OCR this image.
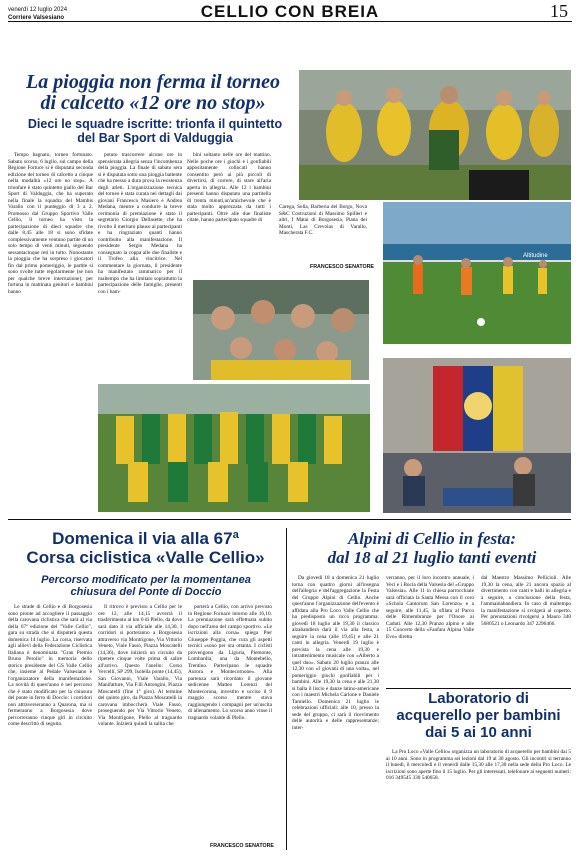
venerdì 12 luglio 2024
Corriere Valsesiano	CELLIO CON BREIA	15
La pioggia non ferma il torneo
di calcetto «12 ore no stop»
Dieci le squadre iscritte: trionfa il quintetto
del Bar Sport di Valduggia

Tempo bagnato, torneo fortunato. Sabato scorso, 6 luglio, sul campo della Regione Fortuce si è disputata seconda edizione del torneo di calcetto a cinque nella modalità «12 ore no stop». A trionfare è stato quintetto giallo del Bar Sport di Valduggia, che ha superato nella finale la squadra del Mambis Varallo con il punteggio di 3 a 2. Promosso dal Gruppo Sportivo Valle Cellio, il torneo ha visto la partecipazione di dieci squadre che dalle 8,45 alle 18 si sono sfidate complessivamente ventuno partite di un solo tempo di venti minuti, seguendo sessantacinque reti in tutto. Nonostante la pioggia che ha sorpreso i giocatori fin dal primo pomeriggio, le partite si sono svolte tutte regolarmente (se non per qualche breve interruzione); per fortuna in mattinata genitori e bambini hanno

potuto trascorrere alcune ore in spensierata allegria senza l'incombenza della pioggia. La finale di sabato sera si è disputata sotto una pioggia battente che ha messo a dura prova la resistenza degli atleti. L'organizzazione tecnica del torneo è stata curata nei dettagli dai giovani Francesco Masiero e Andrea Medana, mentre a condurre la breve cerimonia di premiazione è stato il segretario Giorgio Dellasette, che ha rivolto il meritato plauso ai partecipanti e ha ringraziato quanti hanno contribuito alla manifestazione. Il presidente Sergio Medana ha consegnato la coppa alle due finaliste e il Trofeo alla vincitrice. Nel commentare la giornata, il presidente ha manifestato rammarico per il maltempo che ha limitato soprattutto la partecipazione delle famiglie, presenti con i bam-

bini soltanto nelle ore del mattino. Nelle poche ore i giochi e i gonfiabili appositamente collocati hanno consentito però ai più piccoli di divertirsi, di correre, di stare all'aria aperta in allegria. Alle 12 i bambini presenti hanno disputato una partitella di trenta minuti,un'amichevole che è stata molto apprezzata da tutti i partecipanti. Oltre alle due finaliste citate, hanno partecipato squadre di

Carega, Sella, Barberia del Borgo, Nova S&C Costruzioni di Massimo Spilleri e altri, I Matai di Borgosesia, Piana dei Monti, Las Crevolas di Varallo, Mascherata F.C.

FRANCESCO SENATORE
Altitudine
Domenica il via alla 67ª
Corsa ciclistica «Valle Cellio»
Percorso modificato per la momentanea
chiusura del Ponte di Doccio

Le strade di Cellio e di Borgosesia sono pronte ad accogliere il passaggio della carovana ciclistica che sarà al via della 67ª edizione del "Valle Cellio", gara su strada che si disputerà questa domenica 14 luglio. La corsa, riservata agli allievi della Federazione Ciclistica Italiana è denominata "Gran Premio Bruno Perolio" in memoria dello storico presidente del GS Valle Cellio che, insieme al Pedale Valsesiano è l'organizzatore della manifestazione. La novità di quest'anno è nel percorso che è stato modificato per la chiusura del ponte in ferro di Doccio: i corridori non attraverseranno a Quarona, ma si fermeranno a Borgosesia dove percorreranno cinque giri in circuito come descritto di seguito.

Il ritrovo è previsto a Cellio per le ore 12, alle 14,15 avverrà il trasferimento al km 0 di Plello, da dove sarà dato il via ufficiale alle 14,30. I corridori si porteranno a Borgosesia attraverso via Montrigone, Via Vittorio Veneto, Viale Fassò, Piazza Moscatelli (14,36), dove inizierà un circuito da ripetere cinque volte prima di salire all'arrivo. Questo l'anello: Corso Vercelli, SP 299, Isolella ponte (14,45), San Giovanni, Viale Varallo, Via Manifatture, Via F.lli Antongini, Piazza Moscatelli (fine 1° giro). Al termine del quinto giro, da Piazza Moscatelli la carovana imboccherà Viale Fassò, proseguendo per Via Vittorio Veneto, Via Montrigone, Plello al traguardo volante. Inizierà quindi la salita che

porterà a Cellio, con arrivo previsto in Regione Fornace intorno alle 16,10. La premiazione sarà effettuata subito dopo nell'area del campo sportivo. «Le iscrizioni alla corsa» spiega Pier Giuseppe Poggia, che cura gli aspetti tecnici «sono per ora ottanta. I ciclisti provengono da Liguria, Piemonte, Lombardia, una da Montebello, Trentino. Partecipano le squadre Aurora e Montecornone». Alla partenza sarà ricordato il giovane sedicenne Matteo Lorenzi del Montecorona, investito e ucciso il 9 maggio scorso mentre stava raggiungendo i compagni per un'uscita di allenamento. Lo scorso anno vinse il traguardo volante di Plello.

FRANCESCO SENATORE
Alpini di Cellio in festa:
dal 18 al 21 luglio tanti eventi

Da giovedì 18 a domenica 21 luglio torna con quattro giorni all'insegna dell'allegria e dell'aggregazione la Festa del Gruppo Alpini di Cellio. Anche quest'anno l'organizzazione dell'evento è affidata alla Pro Loco Valle Cellio che ha predisposto un ricco programma: giovedì 18 luglio alle 19,30 il classico alzabandiera darà il via alla festa, a seguire la cena (alle 19,45) e alle 21 canti in allegria. Venerdì 19 luglio è prevista la cena alle 19,30 e intrattenimento musicale con «Alberto a quel duo». Sabato 20 luglio pranzo alle 12,30 con «I giovani di una volta», nel pomeriggio giochi gonfiabili per i bambini. Alle 19,30 la cena e alle 21,30 si balla il liscio e danze latino-americane con i maestri Michela Carlone e Daniele Tamiello. Domenica 21 luglio le celebrazioni ufficiali: alle 10, presso la sede del gruppo, ci sarà il ricevimento delle autorità e delle rappresentanze; inter-

verranno, per il loro incontro annuale, i Veci e i Bocia della Valsesia del «Gruppo Valsesia». Alle 11 in chiesa parrocchiale sarà officiata la Santa Messa con il coro «Schola Cantorum San Lorenzo» e a seguire, alle 11,45, la sfilata al Parco delle Rimembranze per l'Onore ai Caduti. Alle 12,30 Pranzo alpino e alle 15 Concerto della «Fanfara Alpina Valle Evo» diretta

dal Maestro Massimo Pellicioli. Alle 19,30 la cena, alle 21 ancora spazio al divertimento con canti e balli in allegria e a seguire, a conclusione della festa, l'ammainabandiera. In caso di maltempo la manifestazione si svolgerà al coperto. Per prenotazioni rivolgersi a Mauro 340 5680521 o Leonardo 347 2296466.

Laboratorio di
acquerello per bambini
dai 5 ai 10 anni

La Pro Loco «Valle Cellio» organizza un laboratorio di acquerello per bambini dai 5 ai 10 anni. Sono in programma sei lezioni dal 19 al 30 agosto. Gli incontri si terranno il lunedì, il mercoledì e il venerdì dalle 15,30 alle 17,30 nella sede della Pro Loco. Le iscrizioni sono aperte fino il 15 luglio. Per gli interessati, telefonare ai seguenti numeri: 016 349545 330 540658.
